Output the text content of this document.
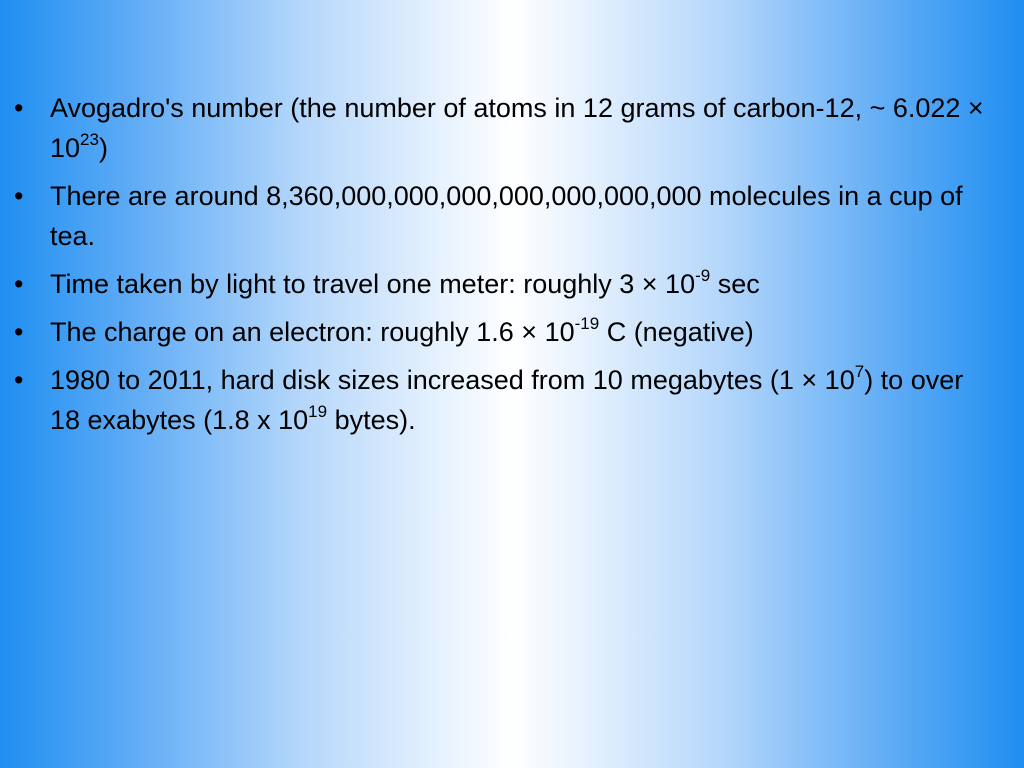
• Avogadro's number (the number of atoms in 12 grams of carbon-12, ~ $6.022 \times 10^{23}$)
• There are around 8,360,000,000,000,000,000,000,000 molecules in a cup of tea.
• Time taken by light to travel one meter: roughly $3 \times 10^{-9}$ sec
• The charge on an electron: roughly $1.6 \times 10^{-19}$ C (negative)
• 1980 to 2011, hard disk sizes increased from 10 megabytes $(1 \times 10^7)$ to over 18 exabytes (1.8 x $10^{19}$ bytes).
